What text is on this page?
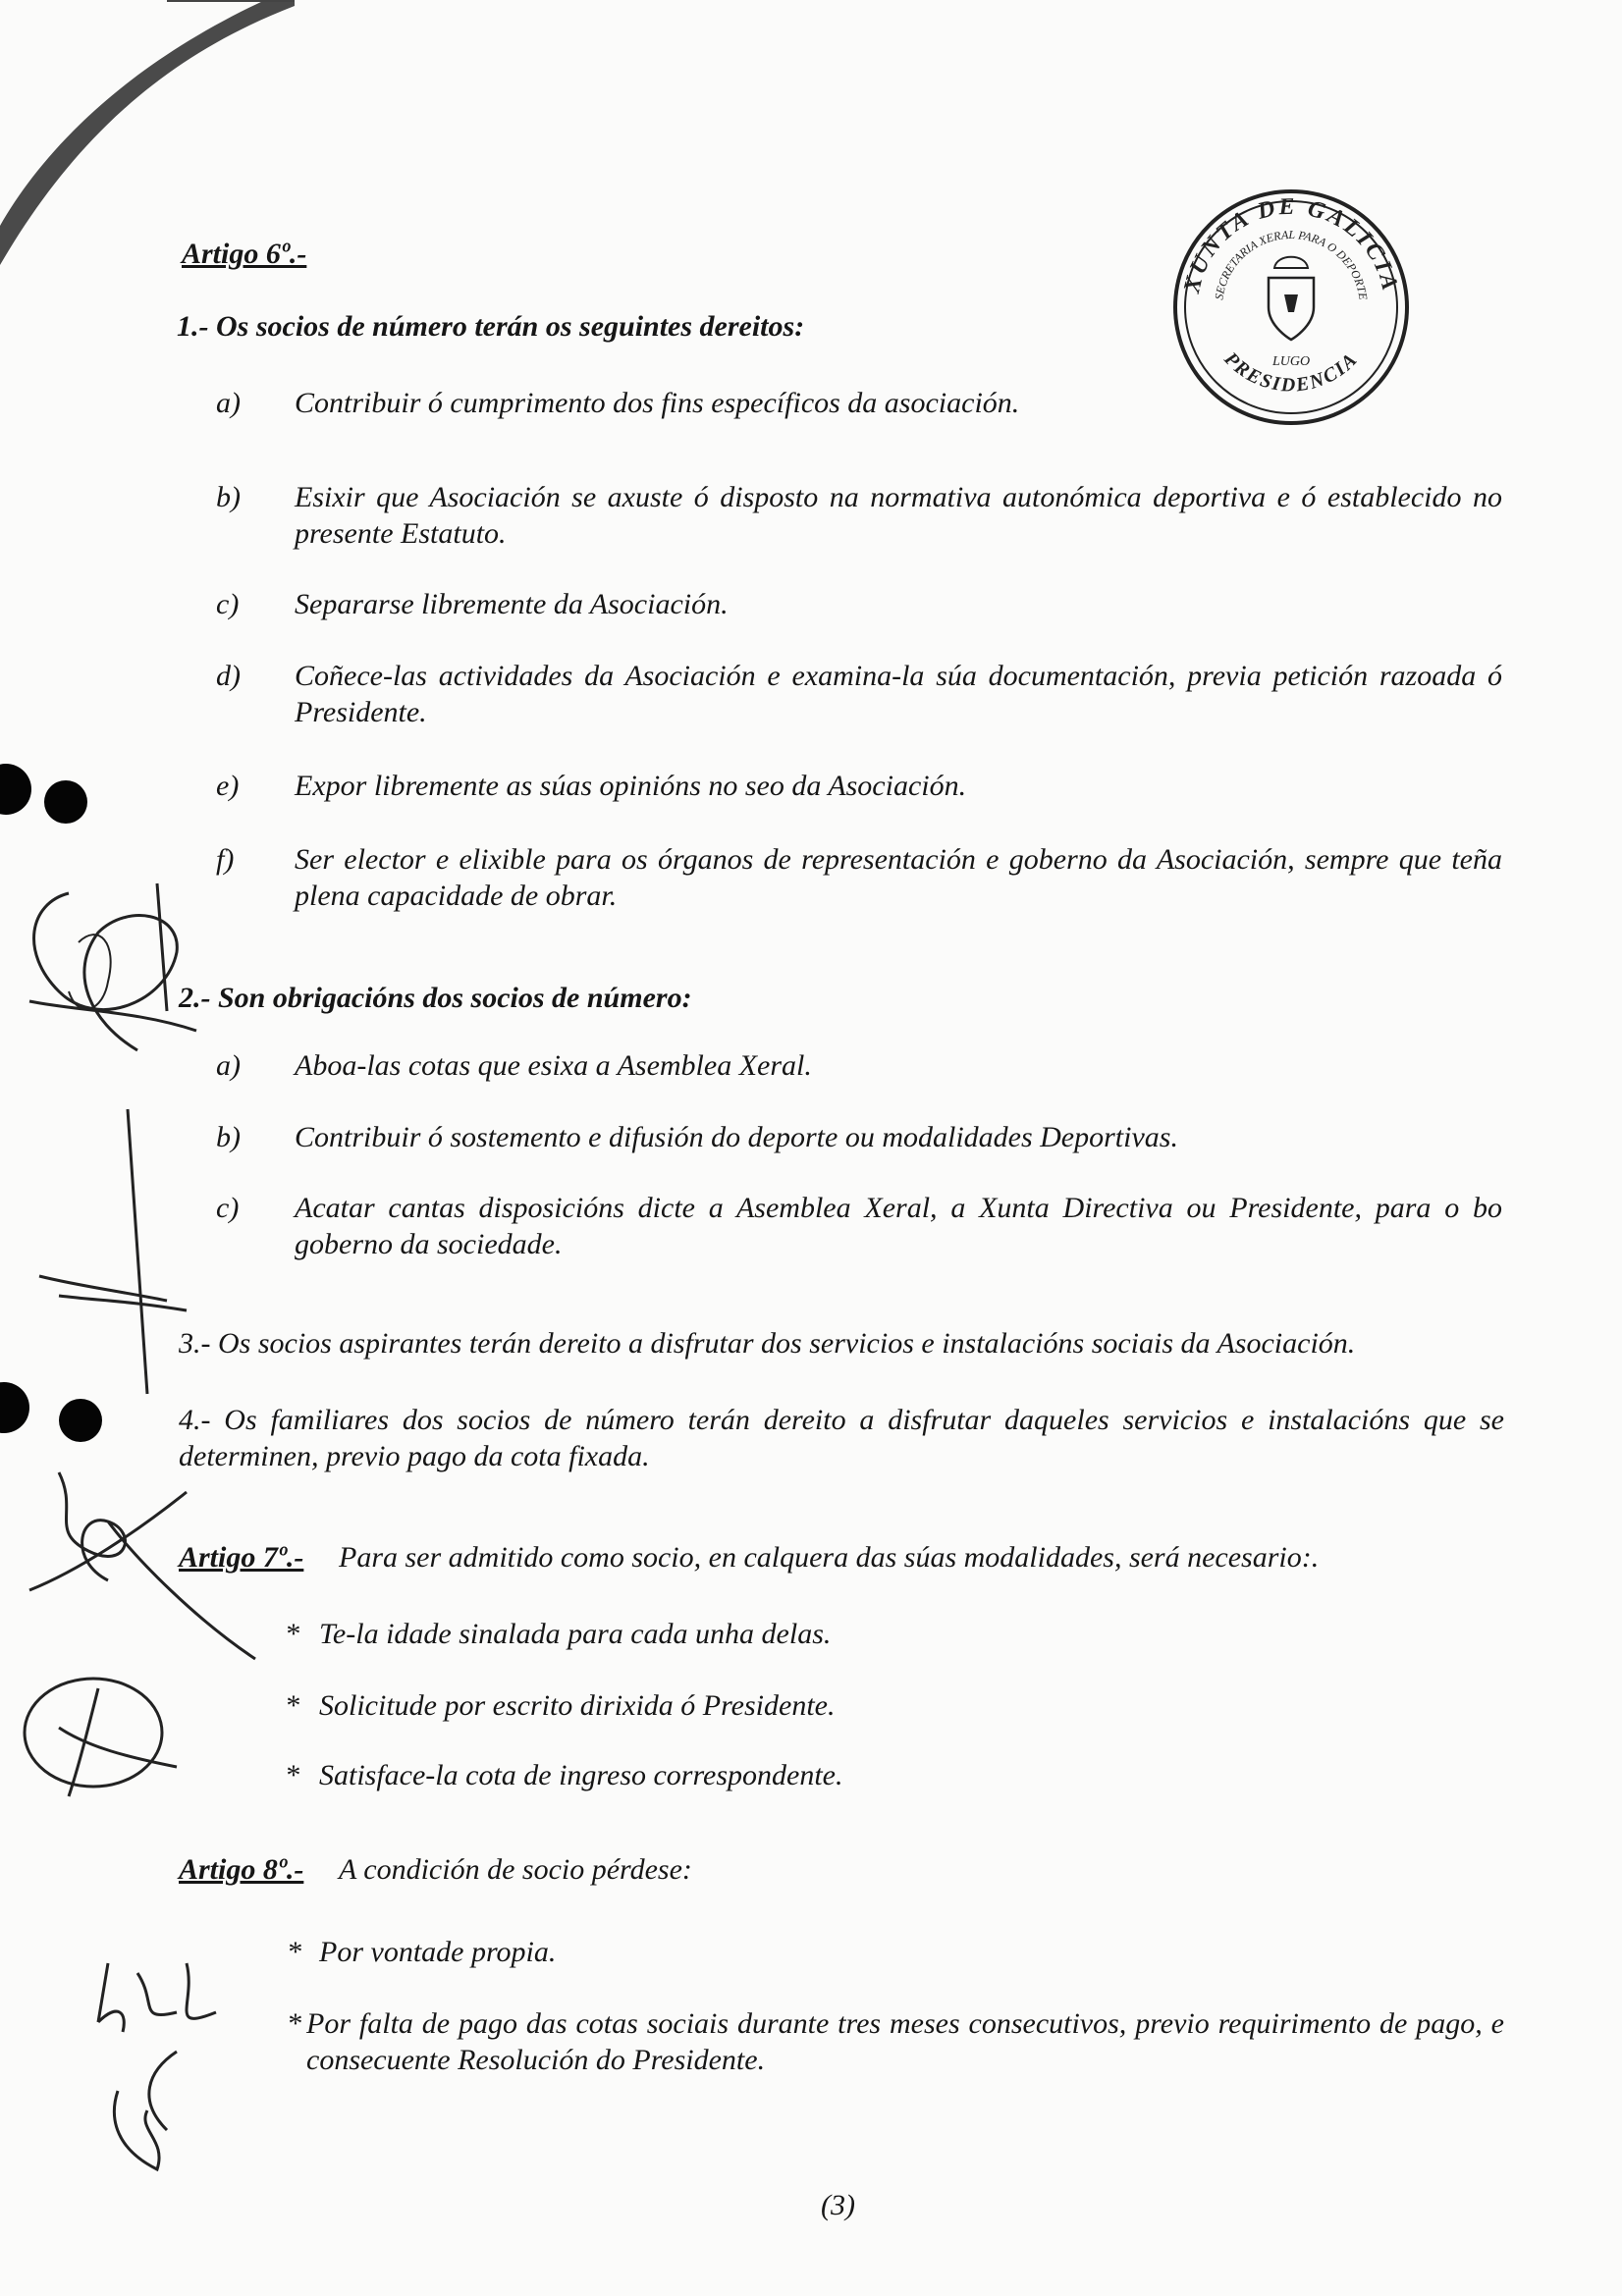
XUNTA DE GALICIA
SECRETARIA XERAL PARA O DEPORTE
PRESIDENCIA
LUGO

Artigo 6º.-

1.- Os socios de número terán os seguintes dereitos:

a) Contribuir ó cumprimento dos fins específicos da asociación.

b) Esixir que Asociación se axuste ó disposto na normativa autonómica deportiva e ó establecido no presente Estatuto.

c) Separarse libremente da Asociación.

d) Coñece-las actividades da Asociación e examina-la súa documentación, previa petición razoada ó Presidente.

e) Expor libremente as súas opinións no seo da Asociación.

f) Ser elector e elixible para os órganos de representación e goberno da Asociación, sempre que teña plena capacidade de obrar.

2.- Son obrigacións dos socios de número:

a) Aboa-las cotas que esixa a Asemblea Xeral.

b) Contribuir ó sostemento e difusión do deporte ou modalidades Deportivas.

c) Acatar cantas disposicións dicte a Asemblea Xeral, a Xunta Directiva ou Presidente, para o bo goberno da sociedade.

3.- Os socios aspirantes terán dereito a disfrutar dos servicios e instalacións sociais da Asociación.

4.- Os familiares dos socios de número terán dereito a disfrutar daqueles servicios e instalacións que se determinen, previo pago da cota fixada.

Artigo 7º.- Para ser admitido como socio, en calquera das súas modalidades, será necesario:.

* Te-la idade sinalada para cada unha delas.

* Solicitude por escrito dirixida ó Presidente.

* Satisface-la cota de ingreso correspondente.

Artigo 8º.- A condición de socio pérdese:

* Por vontade propia.

* Por falta de pago das cotas sociais durante tres meses consecutivos, previo requirimento de pago, e consecuente Resolución do Presidente.

(3)
